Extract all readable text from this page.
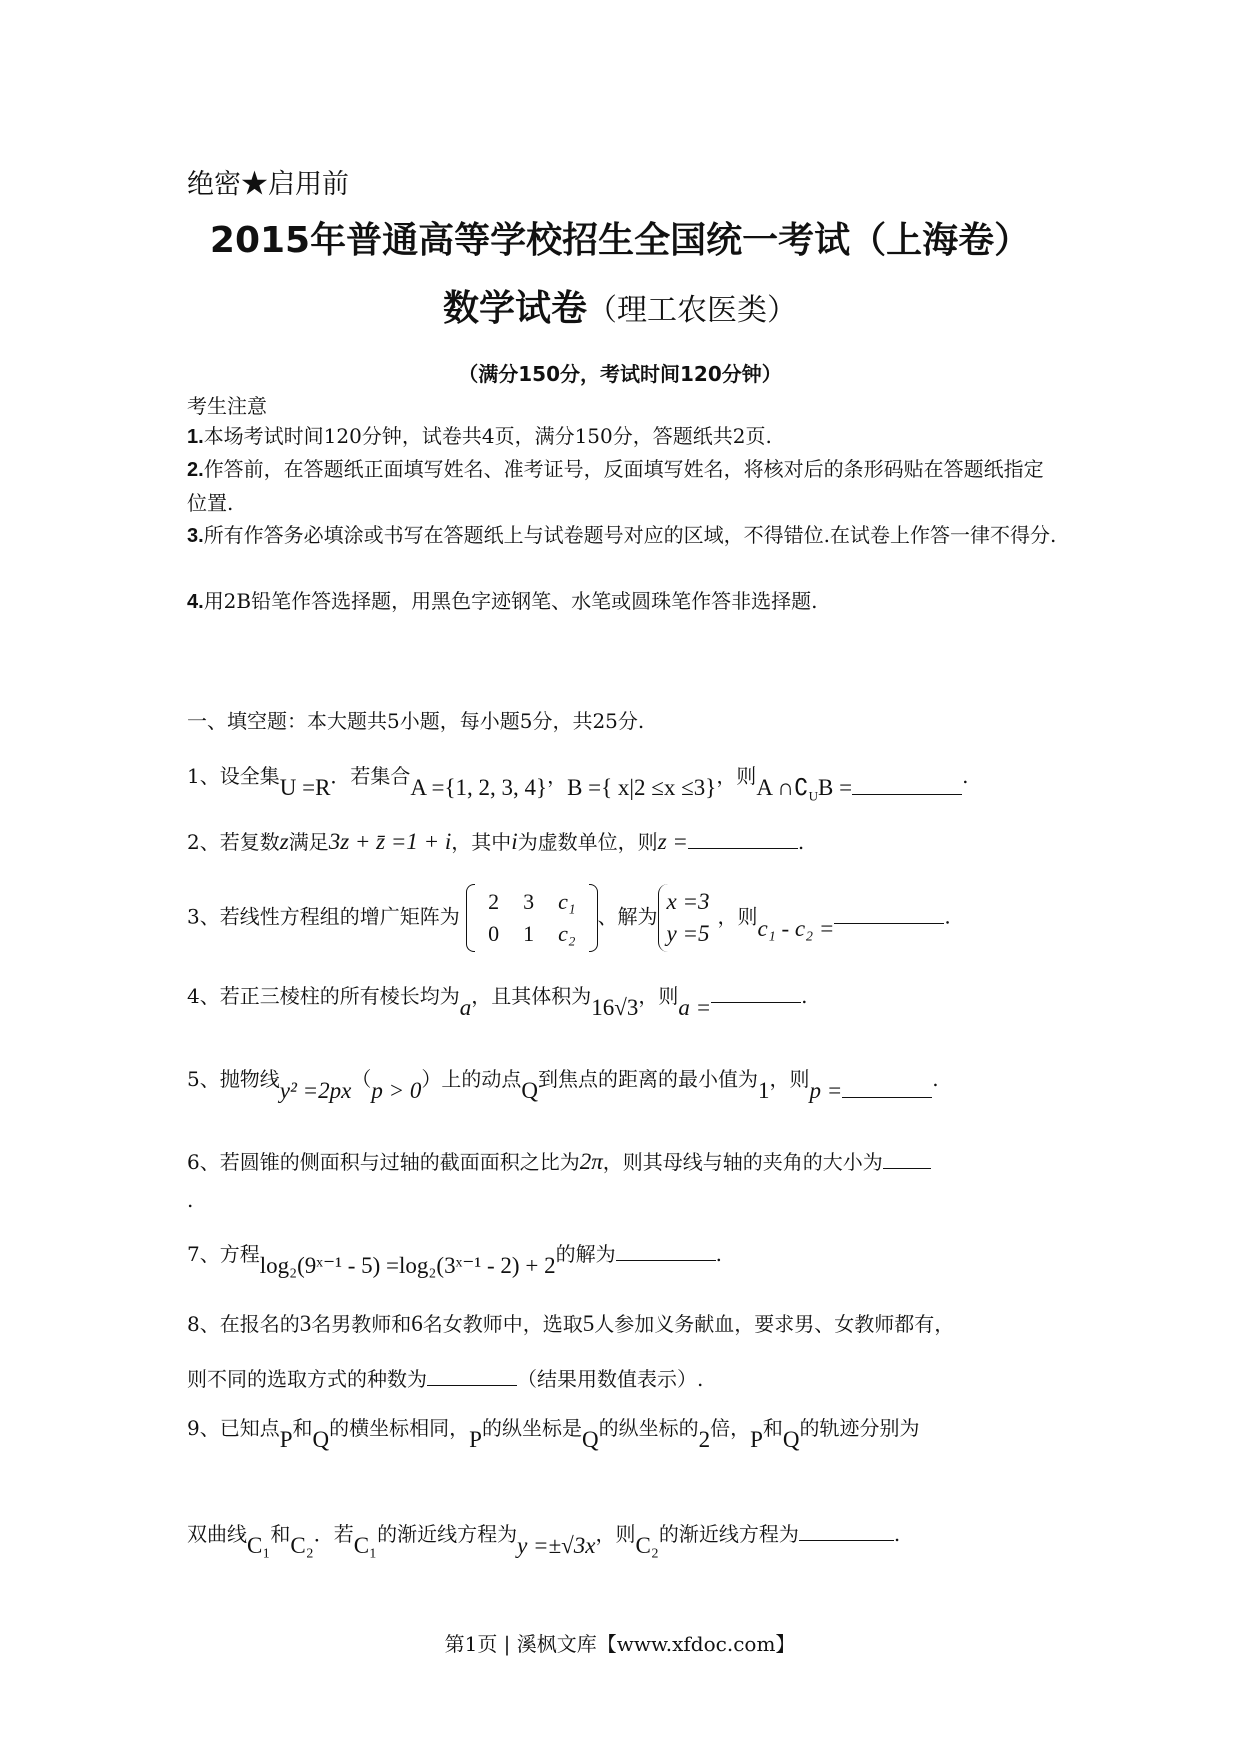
绝密★启用前
2015年普通高等学校招生全国统一考试（上海卷）
数学试卷（理工农医类）
（满分150分，考试时间120分钟）
考生注意
1.本场考试时间120分钟，试卷共4页，满分150分，答题纸共2页.
2.作答前，在答题纸正面填写姓名、准考证号，反面填写姓名，将核对后的条形码贴在答题纸指定位置.
3.所有作答务必填涂或书写在答题纸上与试卷题号对应的区域，不得错位.在试卷上作答一律不得分.
4.用2B铅笔作答选择题，用黑色字迹钢笔、水笔或圆珠笔作答非选择题.
一、填空题：本大题共5小题，每小题5分，共25分.
1、设全集U =R．若集合A ={1, 2, 3, 4}，B ={ x|2 ≤x ≤3}，则A $\cap∁_UB$ =	.
2、若复数z满足3z + z̄ =1 + i，其中i为虚数单位，则z =	.
3、若线性方程组的增广矩阵为
2	3	c₁
0	1	c₂
、解为x =3
y =5，则c₁ - c₂ =	.
4、若正三棱柱的所有棱长均为a，且其体积为16√3，则a =	.
5、抛物线y² =2px（p > 0）上的动点Q到焦点的距离的最小值为1，则p =	.
6、若圆锥的侧面积与过轴的截面面积之比为2π，则其母线与轴的夹角的大小为
.
7、方程log₂(9ˣ⁻¹ - 5) =log₂(3ˣ⁻¹ - 2) + 2的解为	.
8、在报名的3名男教师和6名女教师中，选取5人参加义务献血，要求男、女教师都有，
则不同的选取方式的种数为	（结果用数值表示）.
9、已知点P和Q的横坐标相同，P的纵坐标是Q的纵坐标的2倍，P和Q的轨迹分别为
双曲线C₁和C₂．若C₁的渐近线方程为y =±√3x，则C₂的渐近线方程为	.
第1页 | 溪枫文库【www.xfdoc.com】
